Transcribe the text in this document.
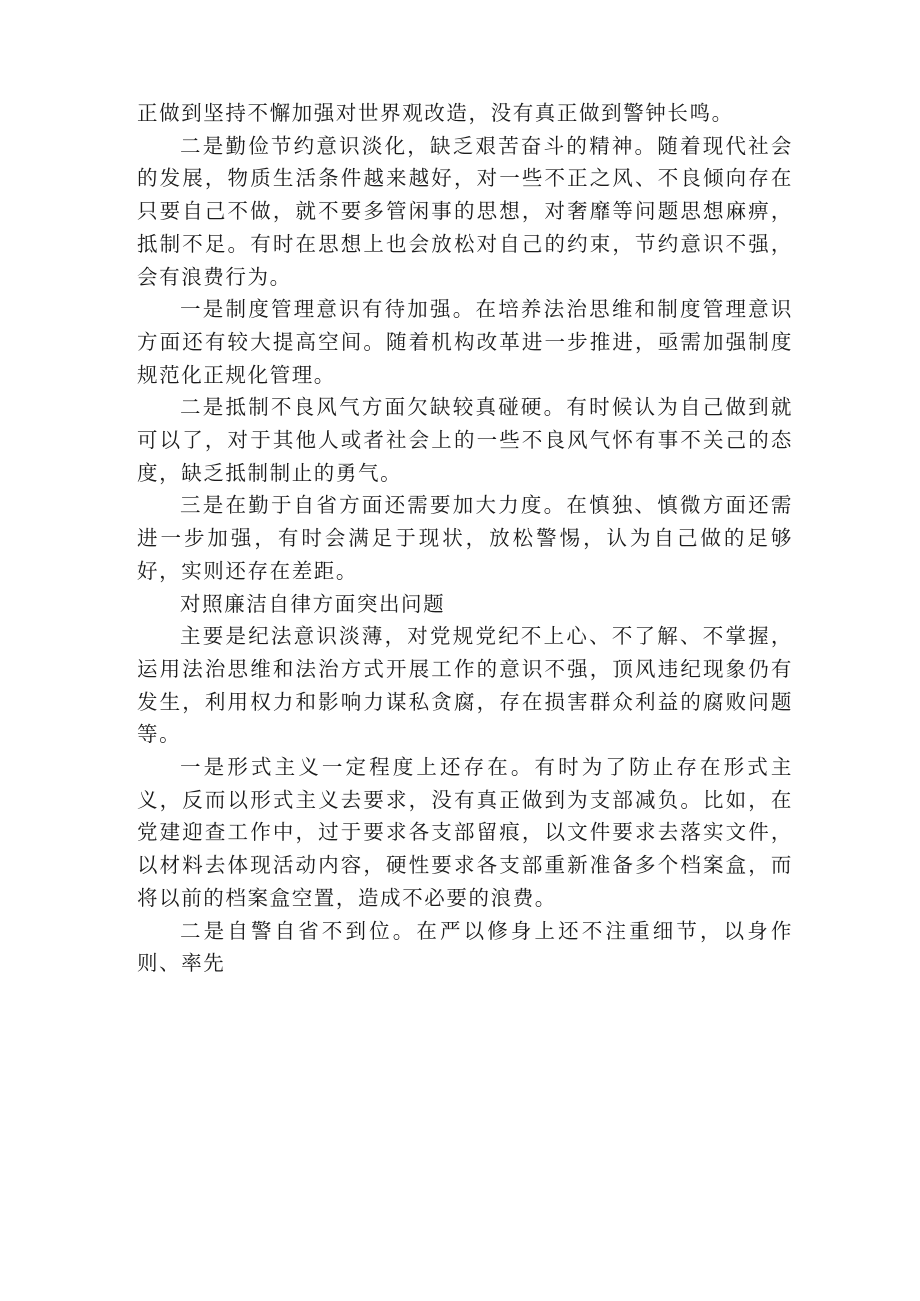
正做到坚持不懈加强对世界观改造，没有真正做到警钟长鸣。

二是勤俭节约意识淡化，缺乏艰苦奋斗的精神。随着现代社会的发展，物质生活条件越来越好，对一些不正之风、不良倾向存在只要自己不做，就不要多管闲事的思想，对奢靡等问题思想麻痹，抵制不足。有时在思想上也会放松对自己的约束，节约意识不强，会有浪费行为。

一是制度管理意识有待加强。在培养法治思维和制度管理意识方面还有较大提高空间。随着机构改革进一步推进，亟需加强制度规范化正规化管理。

二是抵制不良风气方面欠缺较真碰硬。有时候认为自己做到就可以了，对于其他人或者社会上的一些不良风气怀有事不关己的态度，缺乏抵制制止的勇气。

三是在勤于自省方面还需要加大力度。在慎独、慎微方面还需进一步加强，有时会满足于现状，放松警惕，认为自己做的足够好，实则还存在差距。

对照廉洁自律方面突出问题

主要是纪法意识淡薄，对党规党纪不上心、不了解、不掌握，运用法治思维和法治方式开展工作的意识不强，顶风违纪现象仍有发生，利用权力和影响力谋私贪腐，存在损害群众利益的腐败问题等。

一是形式主义一定程度上还存在。有时为了防止存在形式主义，反而以形式主义去要求，没有真正做到为支部减负。比如，在党建迎查工作中，过于要求各支部留痕，以文件要求去落实文件，以材料去体现活动内容，硬性要求各支部重新准备多个档案盒，而将以前的档案盒空置，造成不必要的浪费。

二是自警自省不到位。在严以修身上还不注重细节，以身作则、率先
